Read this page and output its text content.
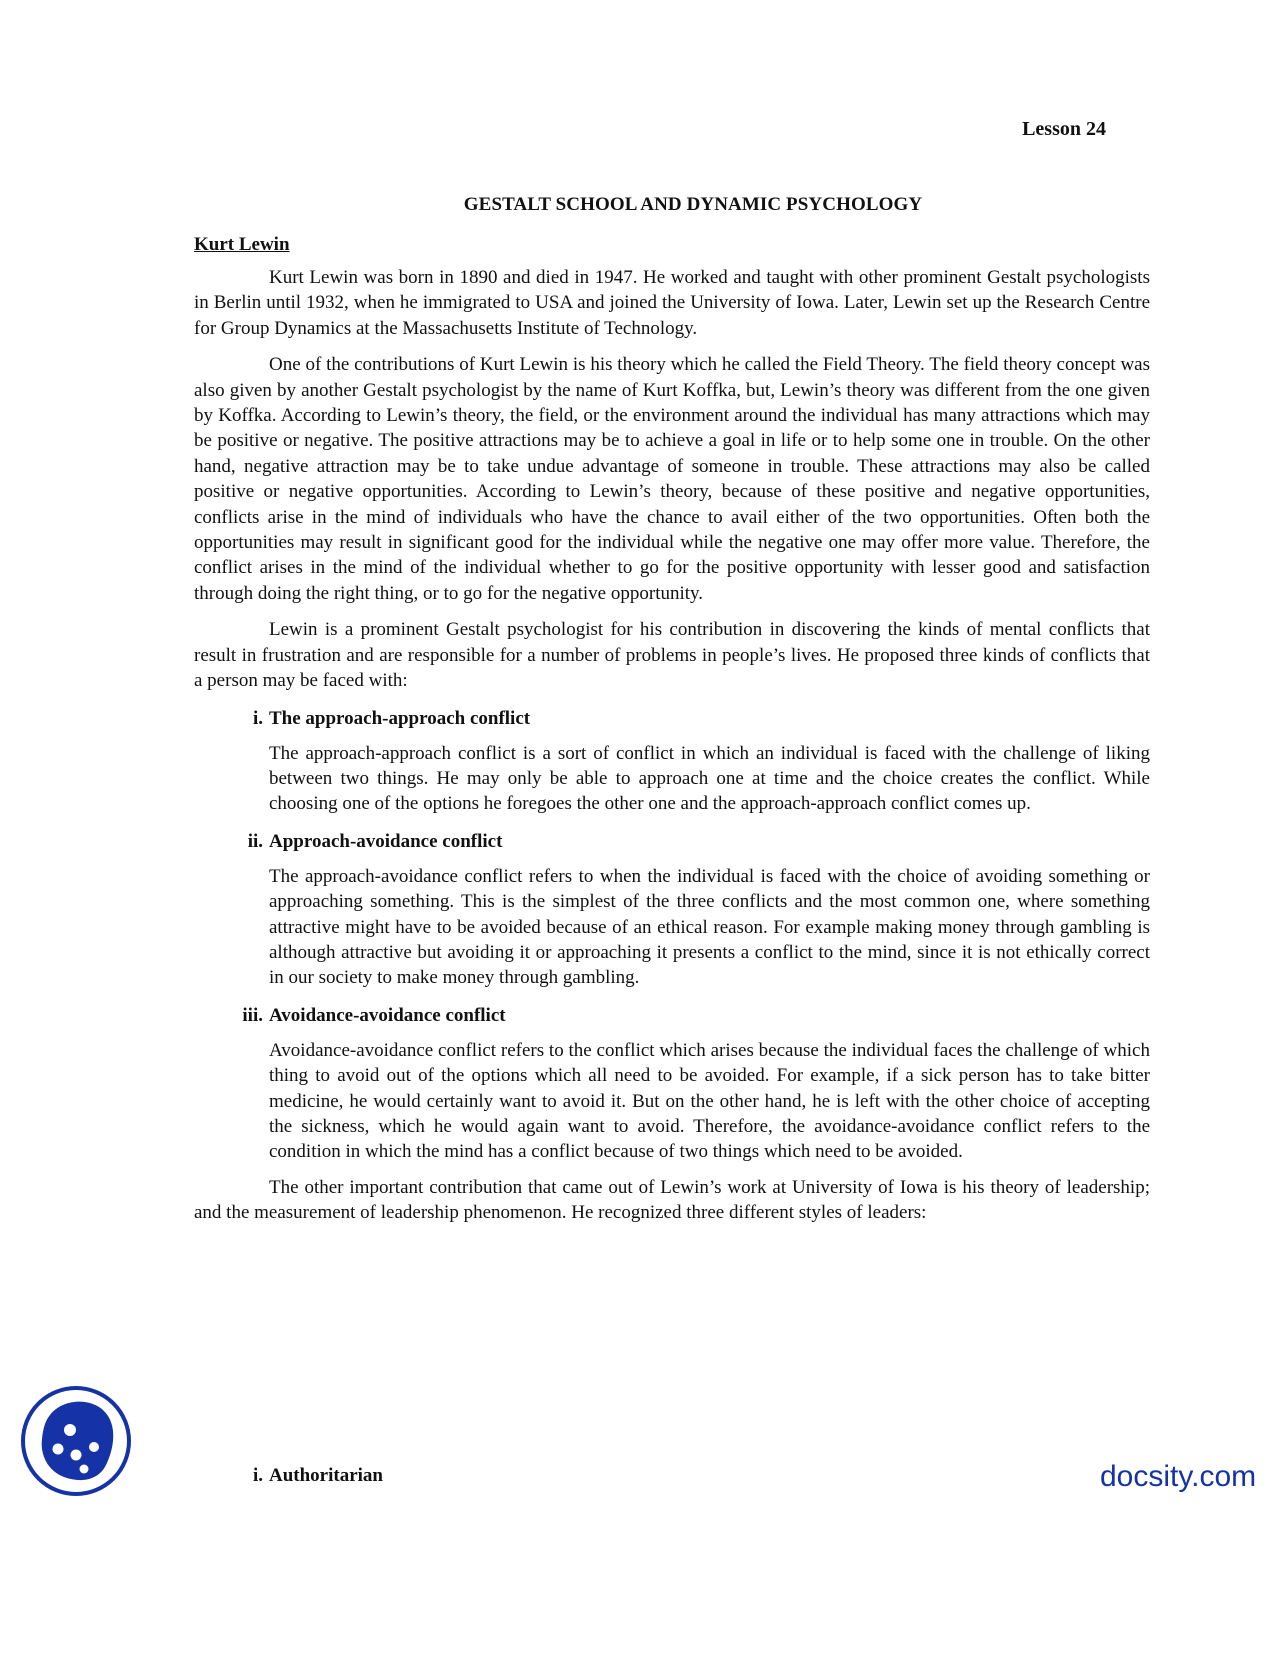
Lesson 24
GESTALT SCHOOL AND DYNAMIC PSYCHOLOGY
Kurt Lewin

Kurt Lewin was born in 1890 and died in 1947. He worked and taught with other prominent Gestalt psychologists in Berlin until 1932, when he immigrated to USA and joined the University of Iowa. Later, Lewin set up the Research Centre for Group Dynamics at the Massachusetts Institute of Technology.

One of the contributions of Kurt Lewin is his theory which he called the Field Theory. The field theory concept was also given by another Gestalt psychologist by the name of Kurt Koffka, but, Lewin’s theory was different from the one given by Koffka. According to Lewin’s theory, the field, or the environment around the individual has many attractions which may be positive or negative. The positive attractions may be to achieve a goal in life or to help some one in trouble. On the other hand, negative attraction may be to take undue advantage of someone in trouble. These attractions may also be called positive or negative opportunities. According to Lewin’s theory, because of these positive and negative opportunities, conflicts arise in the mind of individuals who have the chance to avail either of the two opportunities. Often both the opportunities may result in significant good for the individual while the negative one may offer more value. Therefore, the conflict arises in the mind of the individual whether to go for the positive opportunity with lesser good and satisfaction through doing the right thing, or to go for the negative opportunity.

Lewin is a prominent Gestalt psychologist for his contribution in discovering the kinds of mental conflicts that result in frustration and are responsible for a number of problems in people’s lives. He proposed three kinds of conflicts that a person may be faced with:

i. The approach-approach conflict

The approach-approach conflict is a sort of conflict in which an individual is faced with the challenge of liking between two things. He may only be able to approach one at time and the choice creates the conflict. While choosing one of the options he foregoes the other one and the approach-approach conflict comes up.

ii. Approach-avoidance conflict

The approach-avoidance conflict refers to when the individual is faced with the choice of avoiding something or approaching something. This is the simplest of the three conflicts and the most common one, where something attractive might have to be avoided because of an ethical reason. For example making money through gambling is although attractive but avoiding it or approaching it presents a conflict to the mind, since it is not ethically correct in our society to make money through gambling.

iii. Avoidance-avoidance conflict

Avoidance-avoidance conflict refers to the conflict which arises because the individual faces the challenge of which thing to avoid out of the options which all need to be avoided. For example, if a sick person has to take bitter medicine, he would certainly want to avoid it. But on the other hand, he is left with the other choice of accepting the sickness, which he would again want to avoid. Therefore, the avoidance-avoidance conflict refers to the condition in which the mind has a conflict because of two things which need to be avoided.

The other important contribution that came out of Lewin’s work at University of Iowa is his theory of leadership; and the measurement of leadership phenomenon. He recognized three different styles of leaders:

i. Authoritarian	docsity.com
